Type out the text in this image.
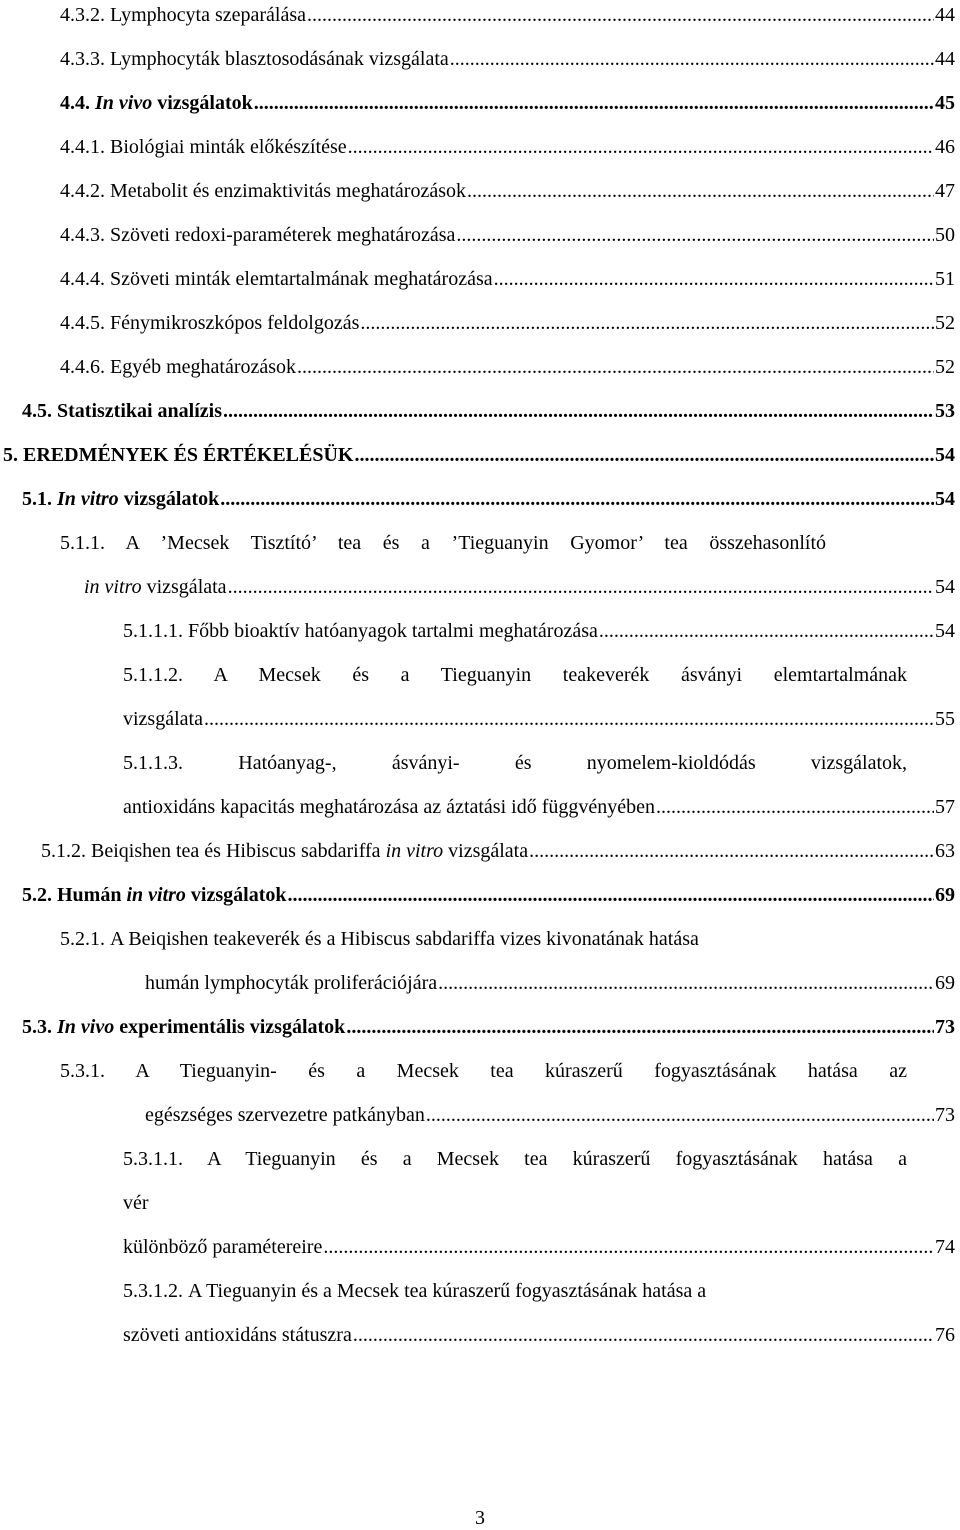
4.3.2. Lymphocyta szeparálása .....	44
4.3.3. Lymphocyták blasztosodásának vizsgálata .....	44
4.4. In vivo vizsgálatok .....	45
4.4.1. Biológiai minták előkészítése .....	46
4.4.2. Metabolit és enzimaktivitás meghatározások .....	47
4.4.3. Szöveti redoxi-paraméterek meghatározása .....	50
4.4.4. Szöveti minták elemtartalmának meghatározása .....	51
4.4.5. Fénymikroszkópos feldolgozás .....	52
4.4.6. Egyéb meghatározások .....	52
4.5. Statisztikai analízis .....	53
5. EREDMÉNYEK ÉS ÉRTÉKELÉSÜK .....	54
5.1. In vitro vizsgálatok .....	54
5.1.1. A ’Mecsek Tisztító’ tea és a ’Tieguanyin Gyomor’ tea összehasonlító
in vitro vizsgálata .....	54
5.1.1.1. Főbb bioaktív hatóanyagok tartalmi meghatározása .....	54
5.1.1.2. A Mecsek és a Tieguanyin teakeverék ásványi elemtartalmának
vizsgálata .....	55
5.1.1.3.	Hatóanyag-, ásványi- és nyomelem-kioldódás vizsgálatok,
antioxidáns kapacitás meghatározása az áztatási idő függvényében .....	57
5.1.2. Beiqishen tea és Hibiscus sabdariffa in vitro vizsgálata .....	63
5.2. Humán in vitro vizsgálatok .....	69
5.2.1.
A Beiqishen teakeverék és a Hibiscus sabdariffa vizes kivonatának hatása
humán lymphocyták proliferációjára .....	69
5.3. In vivo experimentális vizsgálatok .....	73
5.3.1. A Tieguanyin- és a Mecsek tea kúraszerű fogyasztásának hatása az
egészséges szervezetre patkányban .....	73
5.3.1.1. A Tieguanyin és a Mecsek tea kúraszerű fogyasztásának hatása a
vér
különböző paramétereire .....	74
5.3.1.2.
A Tieguanyin és a Mecsek tea kúraszerű fogyasztásának hatása a
szöveti antioxidáns státuszra .....	76
3
